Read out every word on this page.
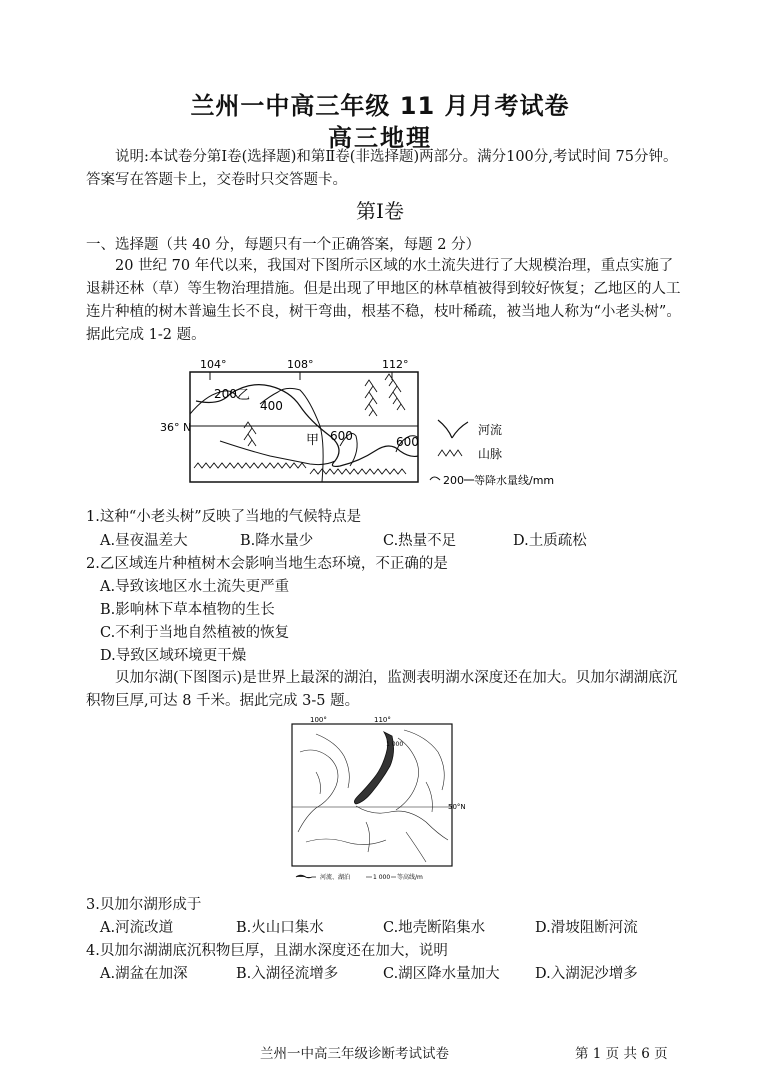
兰州一中高三年级 11 月月考试卷
高三地理
说明:本试卷分第Ⅰ卷(选择题)和第Ⅱ卷(非选择题)两部分。满分100分,考试时间 75分钟。答案写在答题卡上，交卷时只交答题卡。
第Ⅰ卷
一、选择题（共 40 分，每题只有一个正确答案，每题 2 分）
20 世纪 70 年代以来，我国对下图所示区域的水土流失进行了大规模治理，重点实施了退耕还林（草）等生物治理措施。但是出现了甲地区的林草植被得到较好恢复；乙地区的人工连片种植的树木普遍生长不良，树干弯曲，根基不稳，枝叶稀疏，被当地人称为“小老头树”。据此完成 1-2 题。
104°	108°	112°
36° N
200
400
600	600
乙
甲
河流
山脉
200 等降水量线/mm
1.这种“小老头树”反映了当地的气候特点是
A.昼夜温差大	B.降水量少	C.热量不足	D.土质疏松
2.乙区域连片种植树木会影响当地生态环境，不正确的是
A.导致该地区水土流失更严重
B.影响林下草本植物的生长
C.不利于当地自然植被的恢复
D.导致区域环境更干燥
贝加尔湖(下图图示)是世界上最深的湖泊，监测表明湖水深度还在加大。贝加尔湖湖底沉积物巨厚,可达 8 千米。据此完成 3-5 题。
100°	110°
50°N
1 000
河流、湖泊	1 000 等高线/m
3.贝加尔湖形成于
A.河流改道	B.火山口集水	C.地壳断陷集水	D.滑坡阻断河流
4.贝加尔湖湖底沉积物巨厚，且湖水深度还在加大，说明
A.湖盆在加深	B.入湖径流增多	C.湖区降水量加大 D.入湖泥沙增多
兰州一中高三年级诊断考试试卷	第 1 页 共 6 页
